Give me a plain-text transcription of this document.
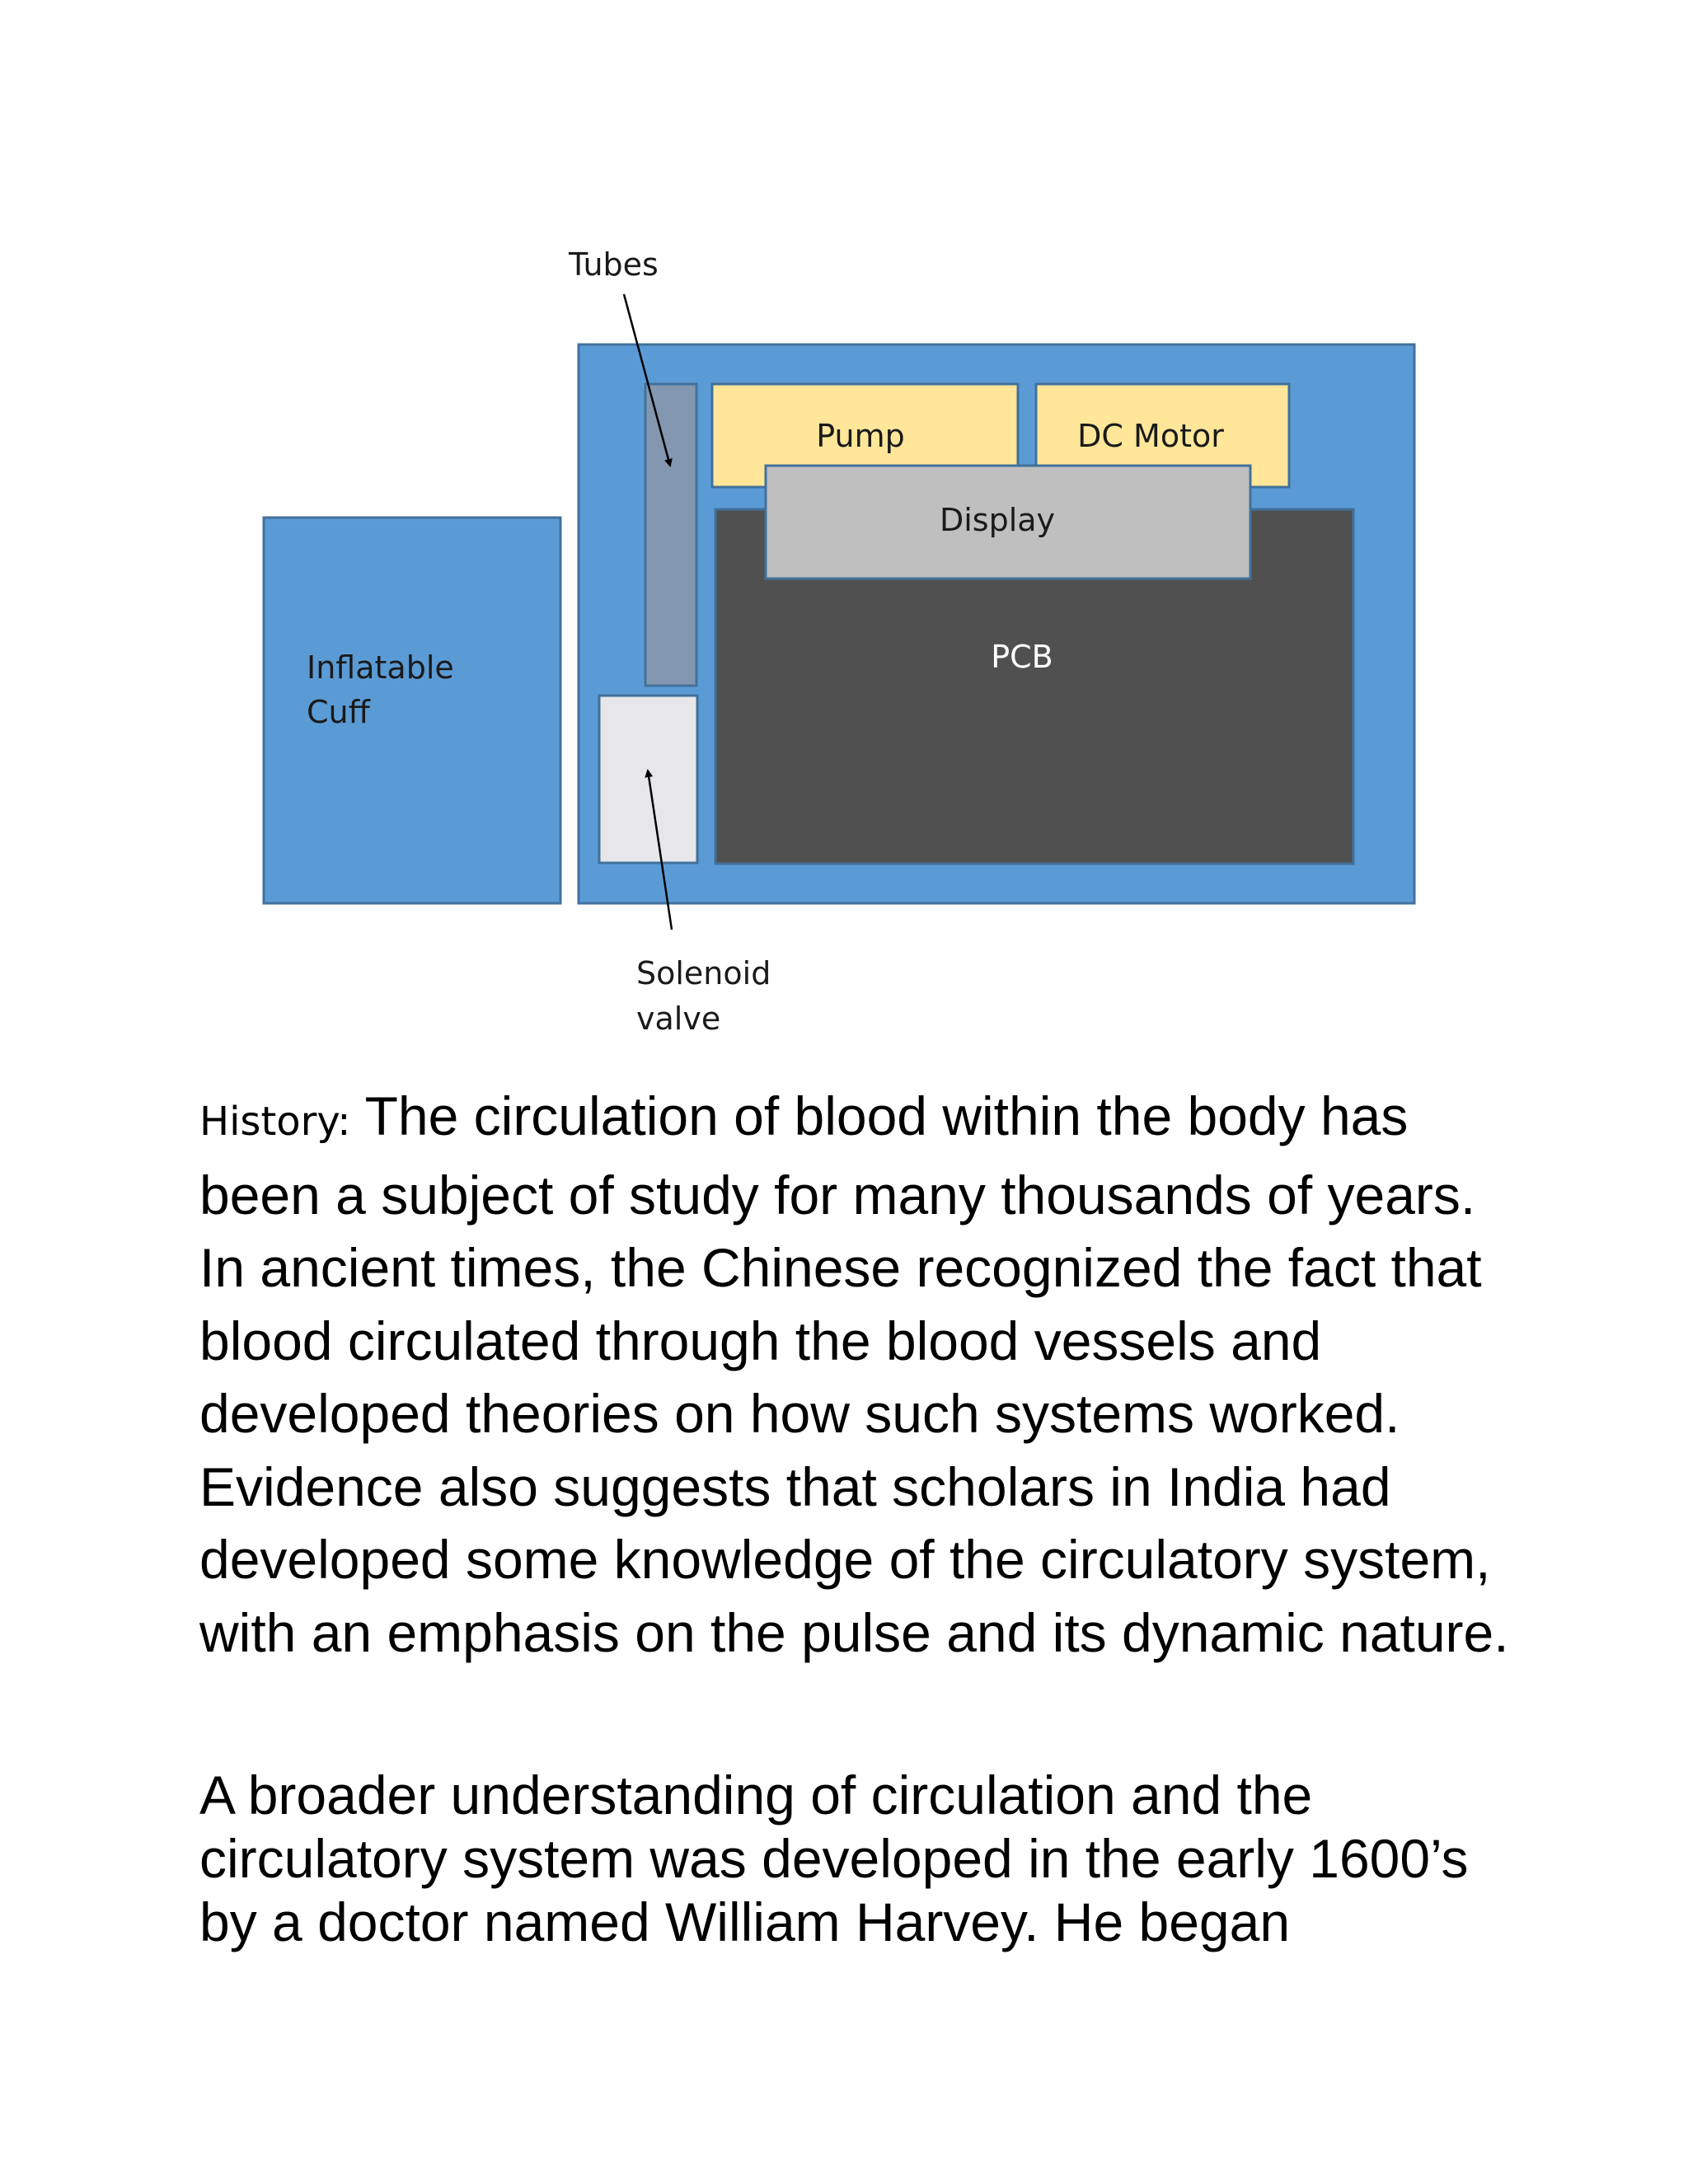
Inflatable
Cuff
PCB
Pump	DC Motor
Display
Tubes
Solenoid
valve

History: The circulation of blood within the body has been a subject of study for many thousands of years. In ancient times, the Chinese recognized the fact that blood circulated through the blood vessels and developed theories on how such systems worked. Evidence also suggests that scholars in India had developed some knowledge of the circulatory system, with an emphasis on the pulse and its dynamic nature.

A broader understanding of circulation and the circulatory system was developed in the early 1600’s by a doctor named William Harvey. He began
